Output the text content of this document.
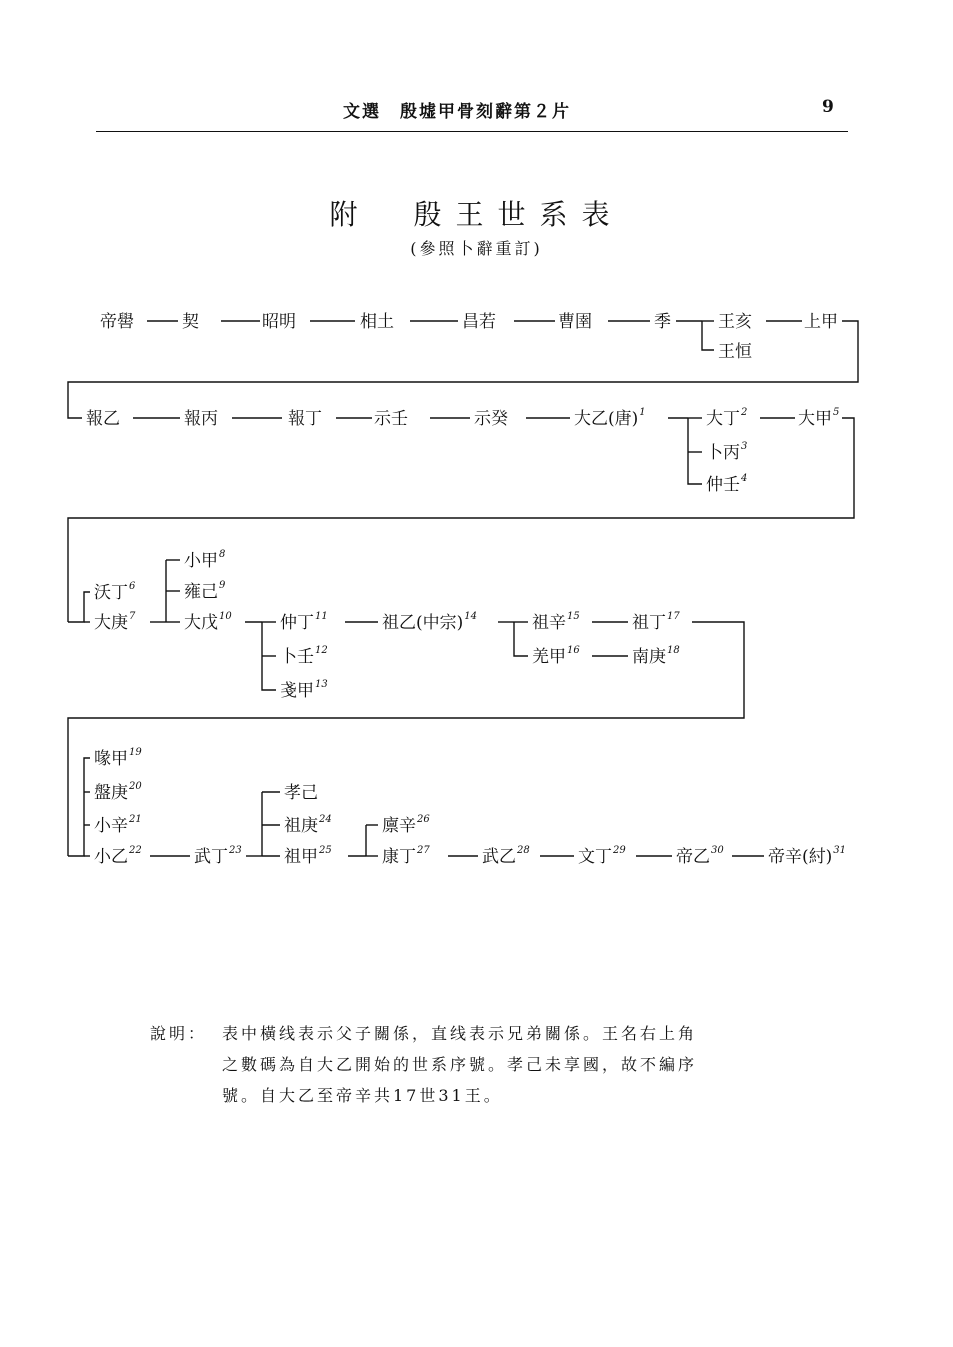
文選　殷墟甲骨刻辭第２片	9
附　殷王世系表
(參照卜辭重訂)
帝嚳	契	昭明	相土	昌若	曹圉	季	王亥
王恒
上甲
報乙	報丙	報丁	示壬	示癸	大乙(唐) 1	大丁 2
卜丙 3
仲壬 4
大甲 5
小甲 8
雍己 9
沃丁 6
大庚 7	大戊 10	仲丁 11
卜壬 12
戔甲 13
祖乙(中宗) 14	祖辛 15
羌甲 16
祖丁 17
南庚 18
喙甲 19
盤庚 20
小辛 21
小乙 22	武丁 23
孝己
祖庚 24
祖甲 25
廪辛 26
康丁 27	武乙 28	文丁 29	帝乙 30	帝辛(紂) 31
說明： 表中橫线表示父子關係，直线表示兄弟關係。王名右上角
之數碼為自大乙開始的世系序號。孝己未享國，故不編序
號。自大乙至帝辛共17世31王。
